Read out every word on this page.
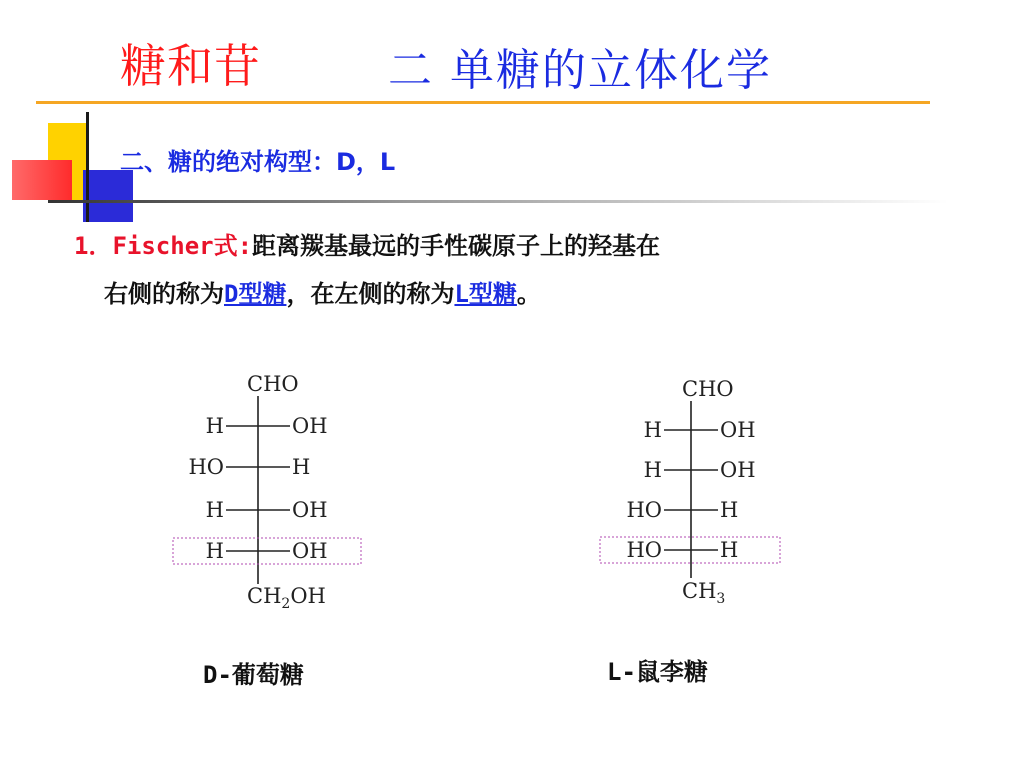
糖和苷	二 单糖的立体化学
二、糖的绝对构型：D，L
1．Fischer式:距离羰基最远的手性碳原子上的羟基在
右侧的称为D型糖，在左侧的称为L型糖。
CHO
H	OH
HO	H
H	OH
H	OH
$CH_2OH$
CHO
H	OH
H	OH
HO	H
HO	H
$CH_3$
D-葡萄糖	L-鼠李糖
